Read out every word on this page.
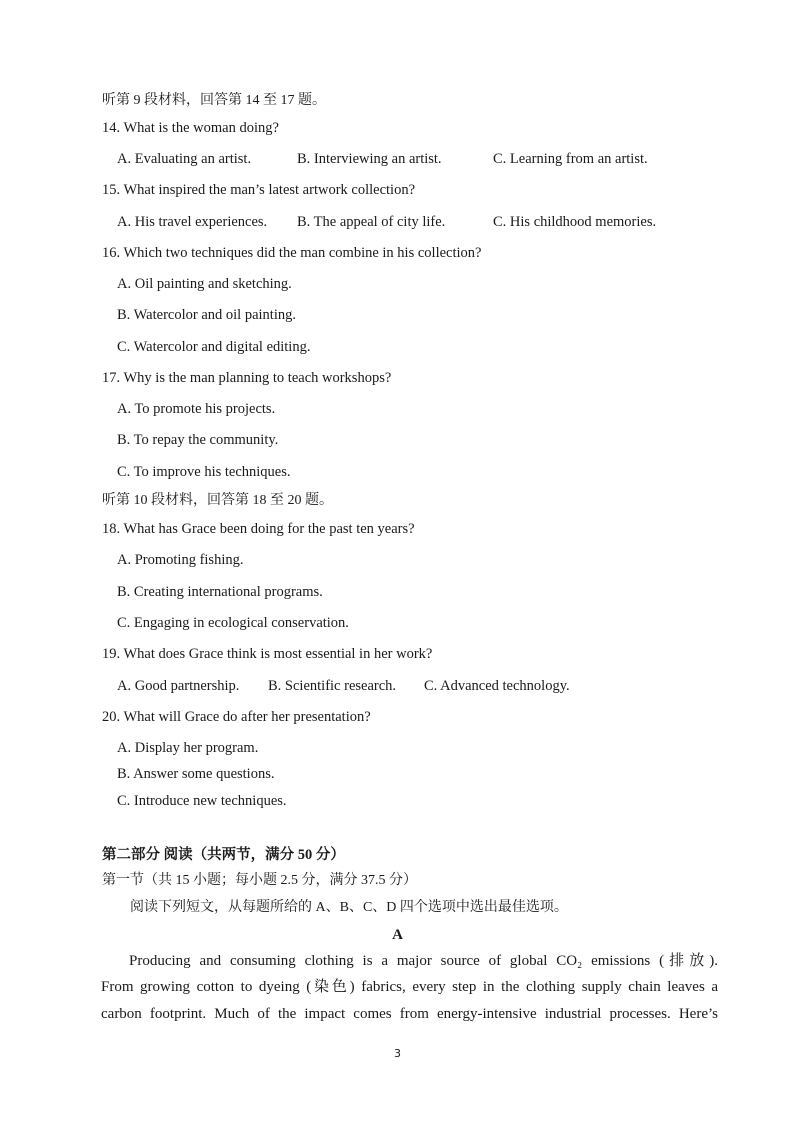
听第 9 段材料，回答第 14 至 17 题。
14. What is the woman doing?
A. Evaluating an artist.	B. Interviewing an artist.	C. Learning from an artist.
15. What inspired the man’s latest artwork collection?
A. His travel experiences. B. The appeal of city life.	C. His childhood memories.
16. Which two techniques did the man combine in his collection?
A. Oil painting and sketching.
B. Watercolor and oil painting.
C. Watercolor and digital editing.
17. Why is the man planning to teach workshops?
A. To promote his projects.
B. To repay the community.
C. To improve his techniques.
听第 10 段材料，回答第 18 至 20 题。
18. What has Grace been doing for the past ten years?
A. Promoting fishing.
B. Creating international programs.
C. Engaging in ecological conservation.
19. What does Grace think is most essential in her work?
A. Good partnership. B. Scientific research. C. Advanced technology.
20. What will Grace do after her presentation?
A. Display her program.
B. Answer some questions.
C. Introduce new techniques.
第二部分 阅读（共两节，满分 50 分）
第一节（共 15 小题；每小题 2.5 分，满分 37.5 分）
阅读下列短文，从每题所给的 A、B、C、D 四个选项中选出最佳选项。
A
Producing and consuming clothing is a major source of global CO₂ emissions (排放).
From growing cotton to dyeing (染色) fabrics, every step in the clothing supply chain leaves a
carbon footprint. Much of the impact comes from energy-intensive industrial processes. Here’s
3
